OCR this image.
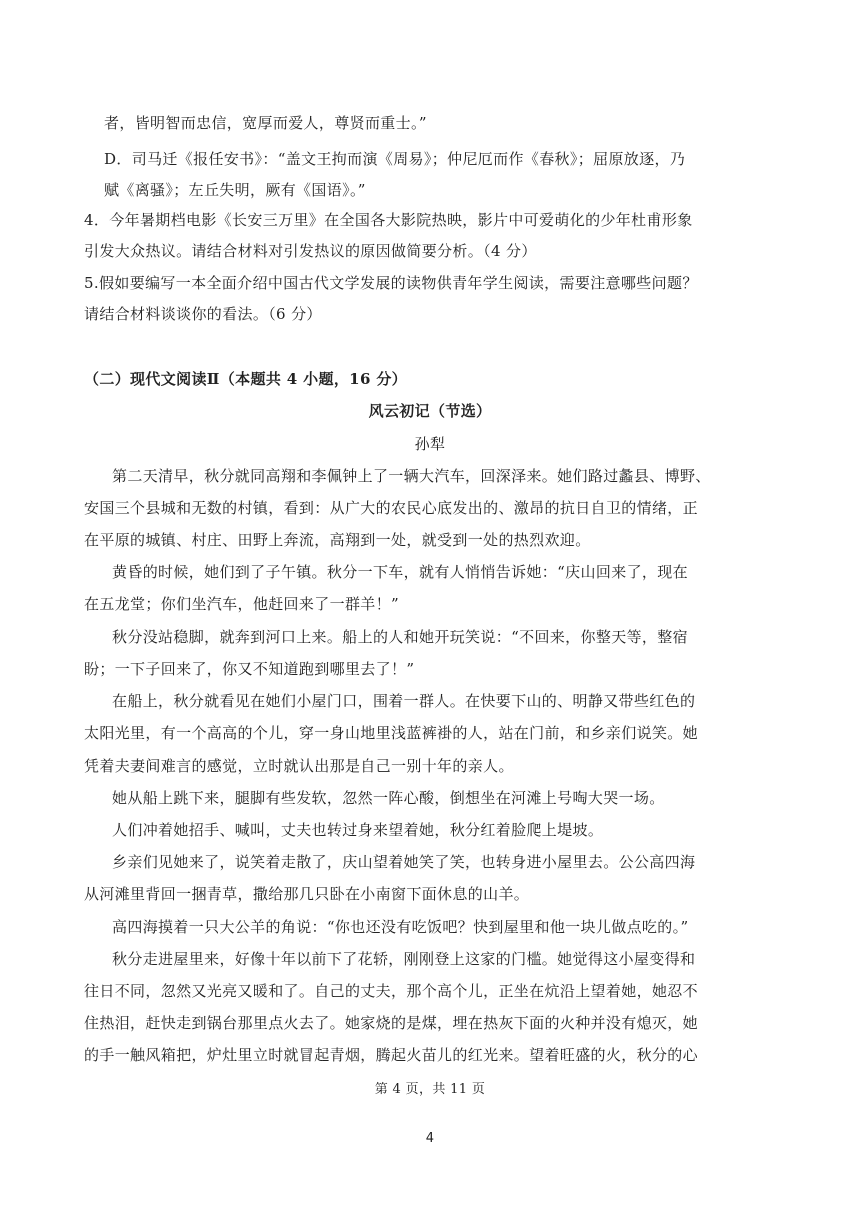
者，皆明智而忠信，宽厚而爱人，尊贤而重士。”

D．司马迁《报任安书》：“盖文王拘而演《周易》；仲尼厄而作《春秋》；屈原放逐，乃

赋《离骚》；左丘失明，厥有《国语》。”

4．今年暑期档电影《长安三万里》在全国各大影院热映，影片中可爱萌化的少年杜甫形象

引发大众热议。请结合材料对引发热议的原因做简要分析。（4 分）

5.假如要编写一本全面介绍中国古代文学发展的读物供青年学生阅读，需要注意哪些问题？

请结合材料谈谈你的看法。（6 分）

（二）现代文阅读Ⅱ（本题共 4 小题，16 分）

风云初记（节选）

孙犁

第二天清早，秋分就同高翔和李佩钟上了一辆大汽车，回深泽来。她们路过蠡县、博野、

安国三个县城和无数的村镇，看到：从广大的农民心底发出的、激昂的抗日自卫的情绪，正

在平原的城镇、村庄、田野上奔流，高翔到一处，就受到一处的热烈欢迎。

黄昏的时候，她们到了子午镇。秋分一下车，就有人悄悄告诉她：“庆山回来了，现在

在五龙堂；你们坐汽车，他赶回来了一群羊！”

秋分没站稳脚，就奔到河口上来。船上的人和她开玩笑说：“不回来，你整天等，整宿

盼；一下子回来了，你又不知道跑到哪里去了！”

在船上，秋分就看见在她们小屋门口，围着一群人。在快要下山的、明静又带些红色的

太阳光里，有一个高高的个儿，穿一身山地里浅蓝裤褂的人，站在门前，和乡亲们说笑。她

凭着夫妻间难言的感觉，立时就认出那是自己一别十年的亲人。

她从船上跳下来，腿脚有些发软，忽然一阵心酸，倒想坐在河滩上号啕大哭一场。

人们冲着她招手、喊叫，丈夫也转过身来望着她，秋分红着脸爬上堤坡。

乡亲们见她来了，说笑着走散了，庆山望着她笑了笑，也转身进小屋里去。公公高四海

从河滩里背回一捆青草，撒给那几只卧在小南窗下面休息的山羊。

高四海摸着一只大公羊的角说：“你也还没有吃饭吧？快到屋里和他一块儿做点吃的。”

秋分走进屋里来，好像十年以前下了花轿，刚刚登上这家的门槛。她觉得这小屋变得和

往日不同，忽然又光亮又暖和了。自己的丈夫，那个高个儿，正坐在炕沿上望着她，她忍不

住热泪，赶快走到锅台那里点火去了。她家烧的是煤，埋在热灰下面的火种并没有熄灭，她

的手一触风箱把，炉灶里立时就冒起青烟，腾起火苗儿的红光来。望着旺盛的火，秋分的心

第 4 页，共 11 页

4
